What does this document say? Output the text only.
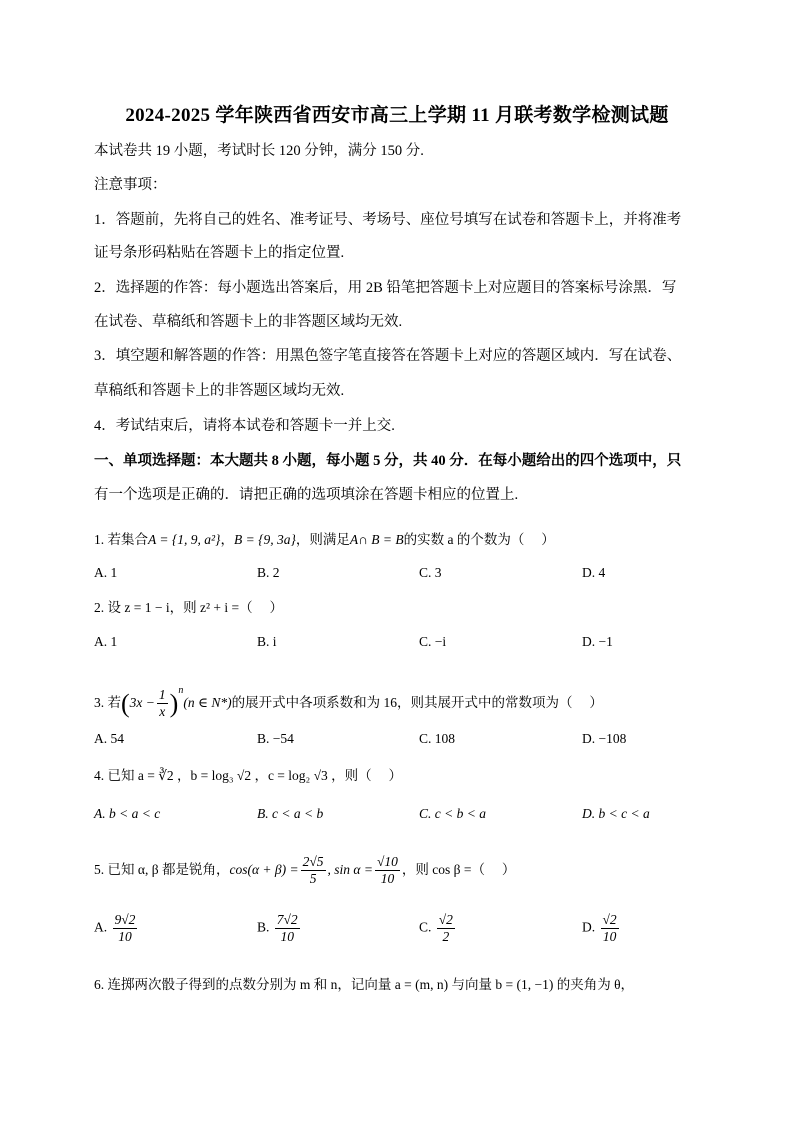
2024-2025 学年陕西省西安市高三上学期 11 月联考数学检测试题
本试卷共 19 小题，考试时长 120 分钟，满分 150 分.
注意事项：
1．答题前，先将自己的姓名、准考证号、考场号、座位号填写在试卷和答题卡上，并将准考
证号条形码粘贴在答题卡上的指定位置.
2．选择题的作答：每小题选出答案后，用 2B 铅笔把答题卡上对应题目的答案标号涂黑．写
在试卷、草稿纸和答题卡上的非答题区域均无效.
3．填空题和解答题的作答：用黑色签字笔直接答在答题卡上对应的答题区域内．写在试卷、
草稿纸和答题卡上的非答题区域均无效.
4．考试结束后，请将本试卷和答题卡一并上交.
一、单项选择题：本大题共 8 小题，每小题 5 分，共 40 分．在每小题给出的四个选项中，只
有一个选项是正确的．请把正确的选项填涂在答题卡相应的位置上.
1. 若集合A = {1, 9, a²}，B = {9, 3a}，则满足A∩ B = B的实数 a 的个数为（　 ）
A. 1	B. 2	C. 3	D. 4
2. 设 z = 1 − i，则 z² + i =（　 ）
A. 1	B. i	C. −i	D. −1
3. 若$(3x - \frac{1}{x} )^n(n$ ∈ N*)的展开式中各项系数和为 16，则其展开式中的常数项为（　 ）
A. 54	B. −54	C. 108	D. −108
4. 已知 a = ∛2 ，b = log₃ √2 ，c = log₂ √3 ，则（　 ）
A. b < a < c	B. c < a < b	C. c < b < a	D. b < c < a
5. 已知 α, β 都是锐角，$\cos(\alpha + \beta) = \frac{2√5}{5}$ , $\sin \alpha = \frac{√10}{10}$ ，则 cos β =（　 ）
A. $\frac{9√2}{10}$	B. $\frac{7√2}{10}$	C. $\frac{√2}{2}$	D. $\frac{√2}{10}$
6. 连掷两次骰子得到的点数分别为 m 和 n，记向量 a = (m, n) 与向量 b = (1, −1) 的夹角为 θ，
